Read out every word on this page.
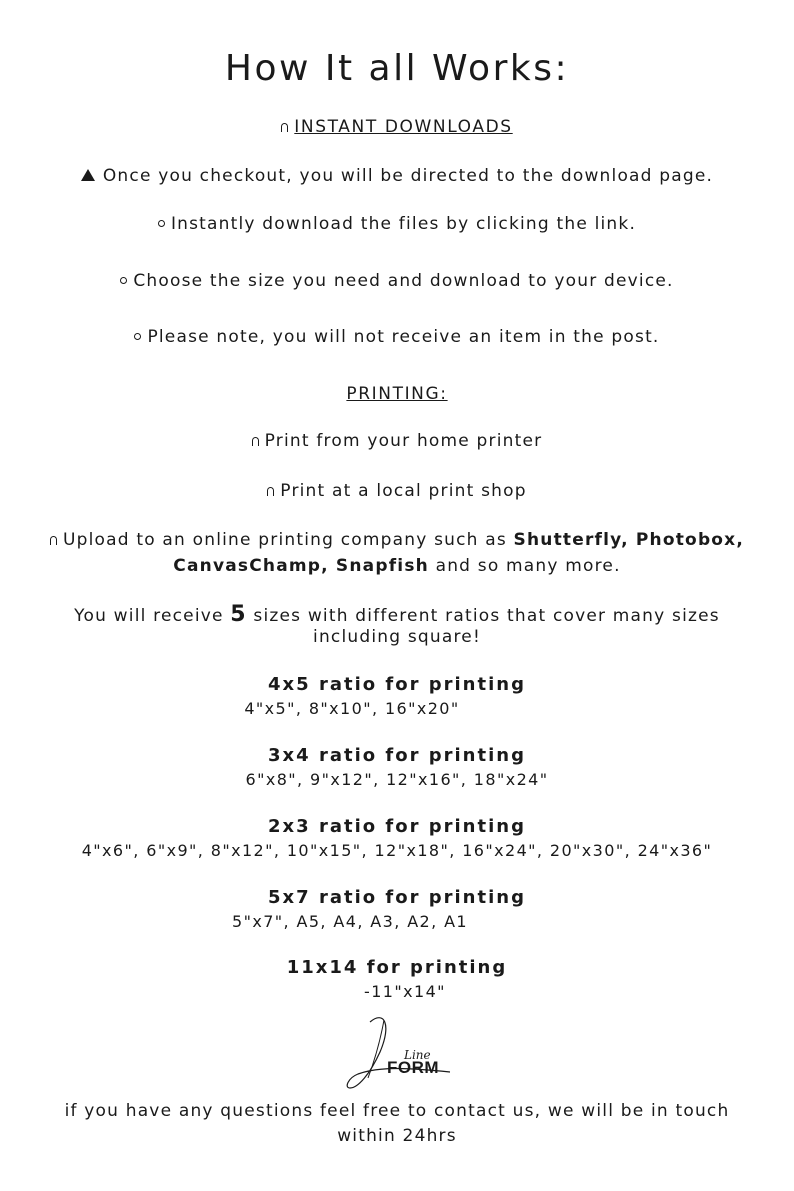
How It all Works:
INSTANT DOWNLOADS
Once you checkout, you will be directed to the download page.
Instantly download the files by clicking the link.
Choose the size you need and download to your device.
Please note, you will not receive an item in the post.
PRINTING:
Print from your home printer
Print at a local print shop
Upload to an online printing company such as Shutterfly, Photobox,
CanvasChamp, Snapfish and so many more.
You will receive 5 sizes with different ratios that cover many sizes
including square!
4x5 ratio for printing
4"x5", 8"x10", 16"x20"
3x4 ratio for printing
6"x8", 9"x12", 12"x16", 18"x24"
2x3 ratio for printing
4"x6", 6"x9", 8"x12", 10"x15", 12"x18", 16"x24", 20"x30", 24"x36"
5x7 ratio for printing
5"x7", A5, A4, A3, A2, A1
11x14 for printing
-11"x14"
Line
FORM
if you have any questions feel free to contact us, we will be in touch
within 24hrs
